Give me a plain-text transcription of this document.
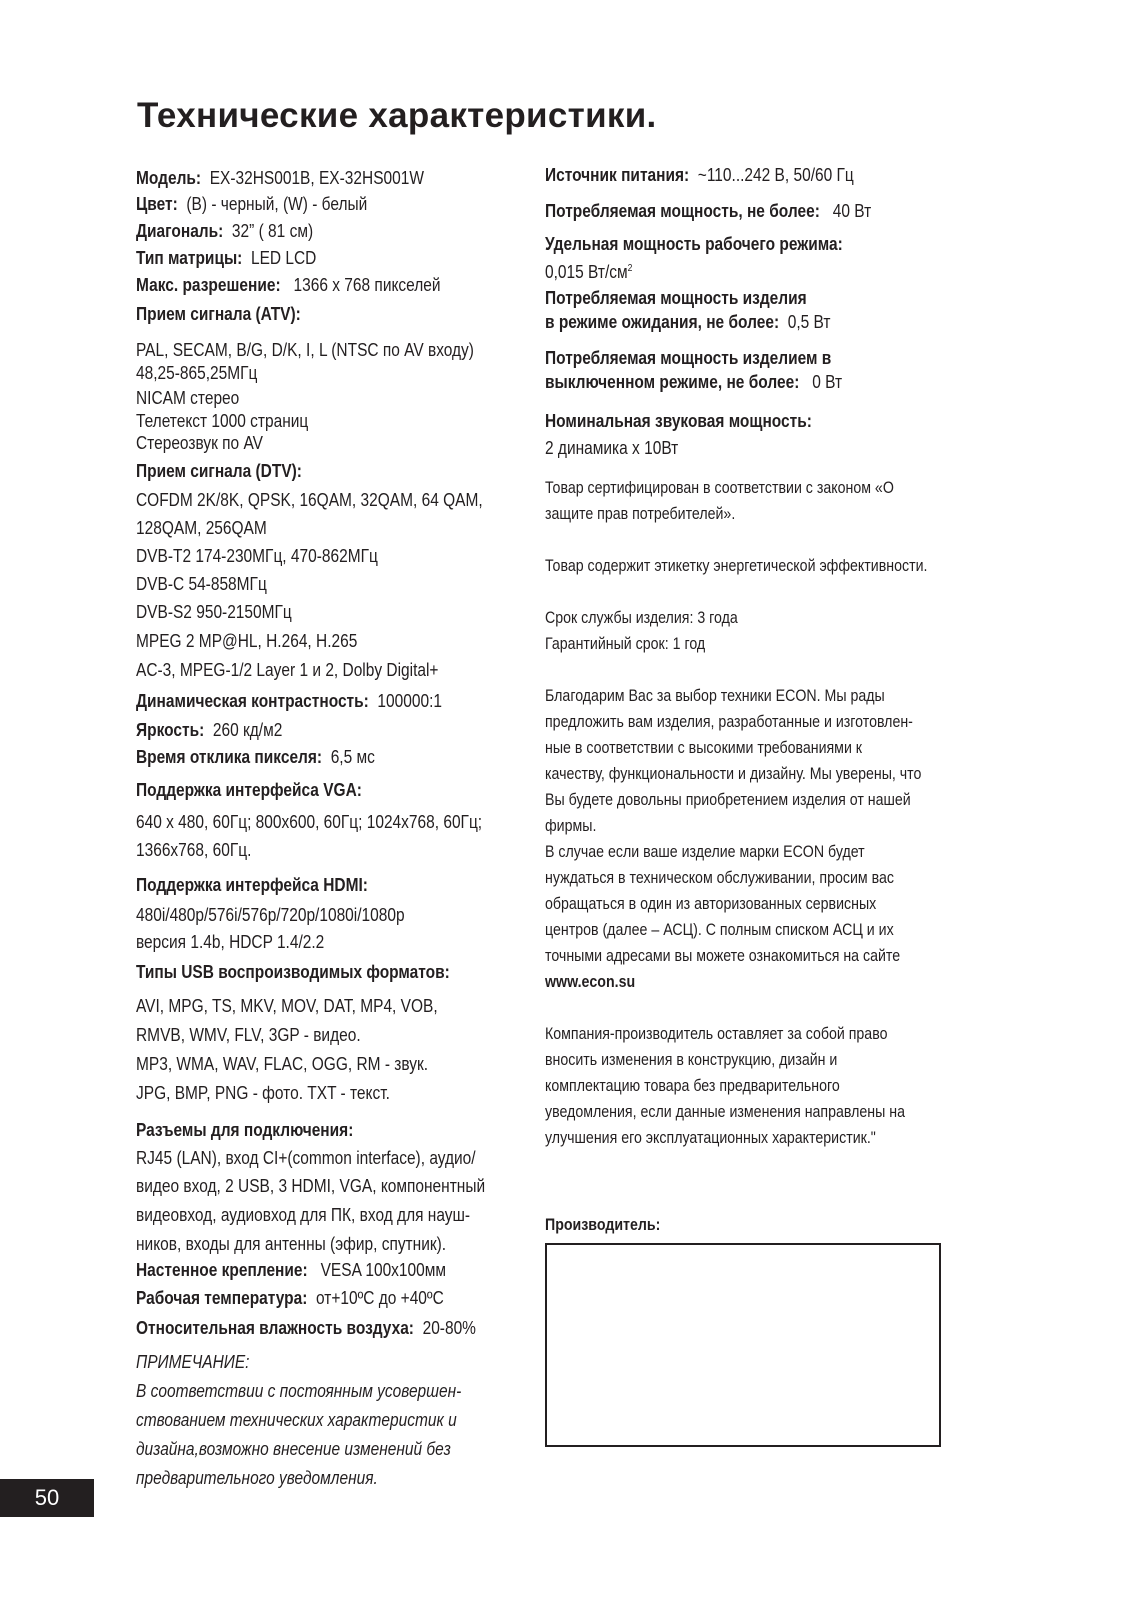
Технические характеристики.
Модель: EX-32HS001B, EX-32HS001W
Цвет: (B) - черный, (W) - белый
Диагональ: 32” ( 81 см)
Тип матрицы: LED LCD
Макс. разрешение: 1366 x 768 пикселей
Прием сигнала (ATV):
PAL, SECAM, B/G, D/K, I, L (NTSC по AV входу)
48,25-865,25МГц
NICAM стерео
Телетекст 1000 страниц
Стереозвук по AV
Прием сигнала (DTV):
COFDM 2K/8K, QPSK, 16QAM, 32QAM, 64 QAM,
128QAM, 256QAM
DVB-T2 174-230МГц, 470-862МГц
DVB-C 54-858МГц
DVB-S2 950-2150МГц
MPEG 2 MP@HL, H.264, H.265
AC-3, MPEG-1/2 Layer 1 и 2, Dolby Digital+
Динамическая контрастность: 100000:1
Яркость: 260 кд/м2
Время отклика пикселя: 6,5 мс
Поддержка интерфейса VGA:
640 x 480, 60Гц; 800x600, 60Гц; 1024x768, 60Гц;
1366x768, 60Гц.
Поддержка интерфейса HDMI:
480i/480p/576i/576p/720p/1080i/1080p
версия 1.4b, HDCP 1.4/2.2
Типы USB воспроизводимых форматов:
AVI, MPG, TS, MKV, MOV, DAT, MP4, VOB,
RMVB, WMV, FLV, 3GP - видео.
MP3, WMA, WAV, FLAC, OGG, RM - звук.
JPG, BMP, PNG - фото. TXT - текст.
Разъемы для подключения:
RJ45 (LAN), вход CI+(common interface), аудио/
видео вход, 2 USB, 3 HDMI, VGA, компонентный
видеовход, аудиовход для ПК, вход для науш-
ников, входы для антенны (эфир, спутник).
Настенное крепление: VESA 100x100мм
Рабочая температура: от+10ºС до +40ºС
Относительная влажность воздуха: 20-80%
ПРИМЕЧАНИЕ:
В соответствии с постоянным усовершен-
ствованием технических характеристик и
дизайна,возможно внесение изменений без
предварительного уведомления.
Источник питания: ~110...242 В, 50/60 Гц
Потребляемая мощность, не более: 40 Вт
Удельная мощность рабочего режима:
0,015 $Вт/см^2$
Потребляемая мощность изделия
в режиме ожидания, не более: 0,5 Вт
Потребляемая мощность изделием в
выключенном режиме, не более: 0 Вт
Номинальная звуковая мощность:
2 динамика х 10Вт
Товар сертифицирован в соответствии с законом «О
защите прав потребителей».
Товар содержит этикетку энергетической эффективности.
Срок службы изделия: 3 года
Гарантийный срок: 1 год
Благодарим Вас за выбор техники ECON. Мы рады
предложить вам изделия, разработанные и изготовлен-
ные в соответствии с высокими требованиями к
качеству, функциональности и дизайну. Мы уверены, что
Вы будете довольны приобретением изделия от нашей
фирмы.
В случае если ваше изделие марки ECON будет
нуждаться в техническом обслуживании, просим вас
обращаться в один из авторизованных сервисных
центров (далее – АСЦ). С полным списком АСЦ и их
точными адресами вы можете ознакомиться на сайте
www.econ.su
Компания-производитель оставляет за собой право
вносить изменения в конструкцию, дизайн и
комплектацию товара без предварительного
уведомления, если данные изменения направлены на
улучшения его эксплуатационных характеристик."
Производитель:
50
